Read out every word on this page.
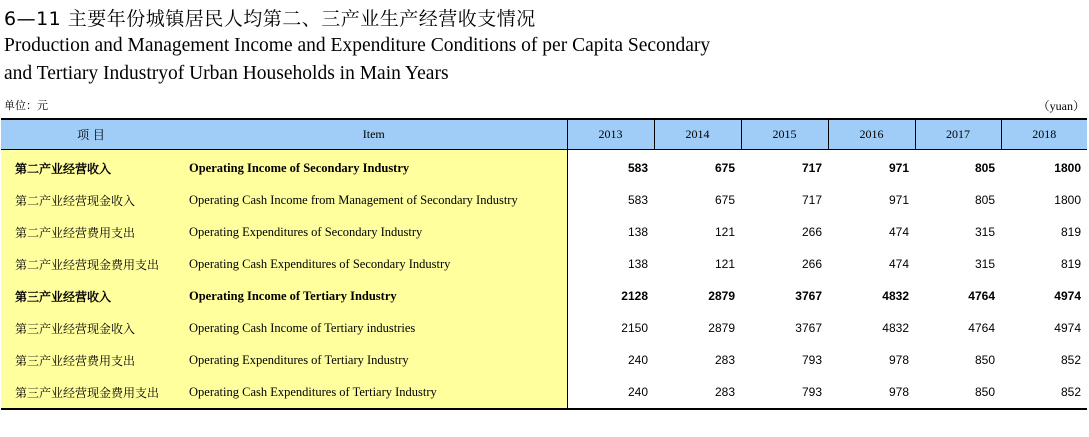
6—11 主要年份城镇居民人均第二、三产业生产经营收支情况
Production and Management Income and Expenditure Conditions of per Capita Secondary
and Tertiary Industryof Urban Households in Main Years
单位：元	（yuan）
项 目	Item	2013	2014	2015	2016	2017	2018
第二产业经营收入	Operating Income of Secondary Industry	583	675	717	971	805	1800
第二产业经营现金收入	Operating Cash Income from Management of Secondary Industry	583	675	717	971	805	1800
第二产业经营费用支出	Operating Expenditures of Secondary Industry	138	121	266	474	315	819
第二产业经营现金费用支出	Operating Cash Expenditures of Secondary Industry	138	121	266	474	315	819
第三产业经营收入	Operating Income of Tertiary Industry	2128	2879	3767	4832	4764	4974
第三产业经营现金收入	Operating Cash Income of Tertiary industries	2150	2879	3767	4832	4764	4974
第三产业经营费用支出	Operating Expenditures of Tertiary Industry	240	283	793	978	850	852
第三产业经营现金费用支出	Operating Cash Expenditures of Tertiary Industry	240	283	793	978	850	852
